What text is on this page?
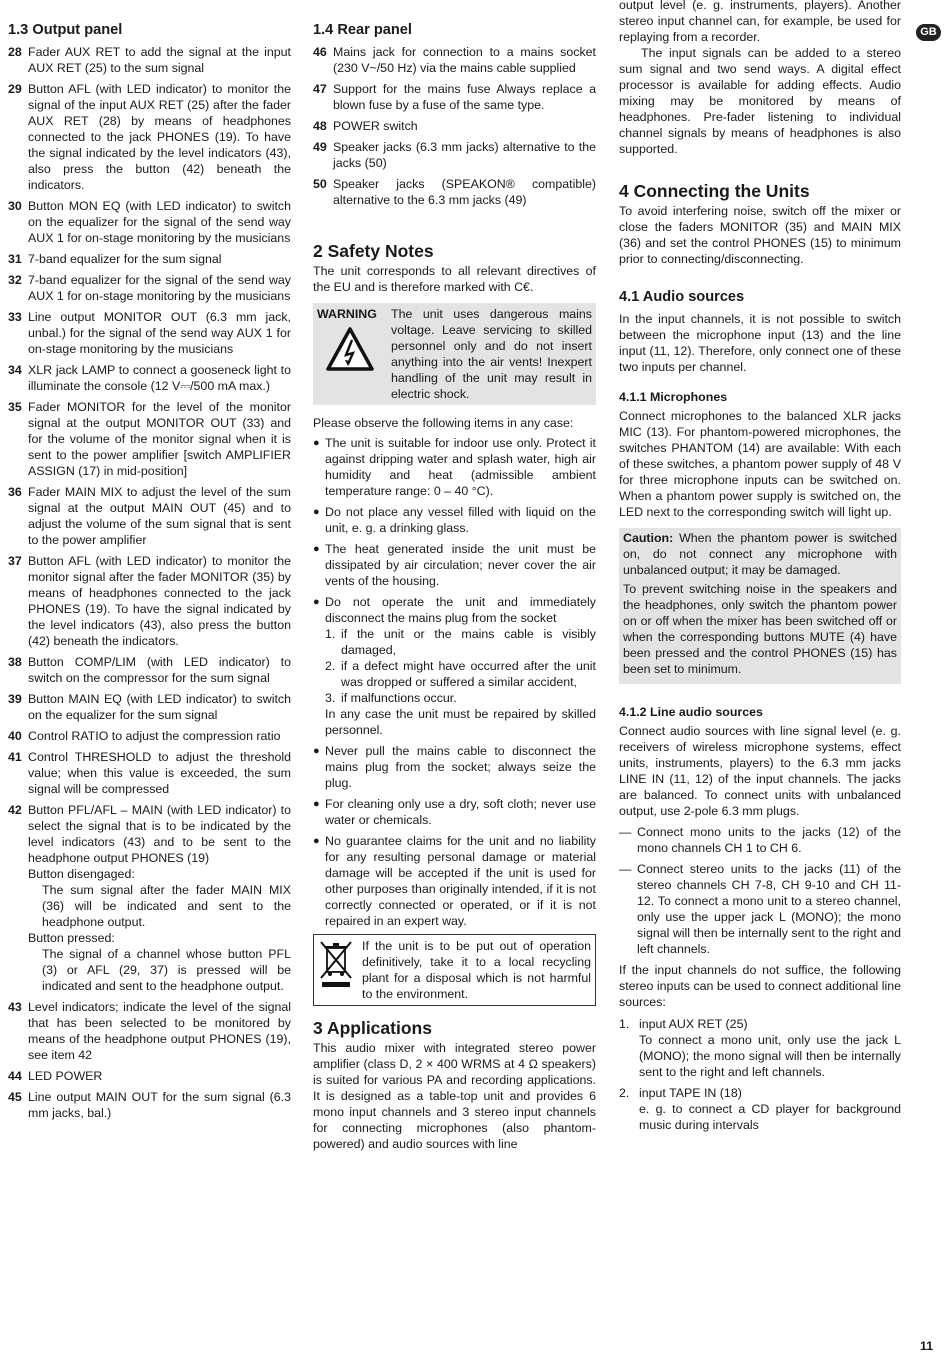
GB

1.3 Output panel

28 Fader AUX RET to add the signal at the input AUX RET (25) to the sum signal

29 Button AFL (with LED indicator) to monitor the signal of the input AUX RET (25) after the fader AUX RET (28) by means of headphones connected to the jack PHONES (19). To have the signal indicated by the level indicators (43), also press the button (42) beneath the indicators.

30 Button MON EQ (with LED indicator) to switch on the equalizer for the signal of the send way AUX 1 for on-stage monitoring by the musicians

31 7-band equalizer for the sum signal

32 7-band equalizer for the signal of the send way AUX 1 for on-stage monitoring by the musicians

33 Line output MONITOR OUT (6.3 mm jack, unbal.) for the signal of the send way AUX 1 for on-stage monitoring by the musicians

34 XLR jack LAMP to connect a gooseneck light to illuminate the console (12 V⎓/500 mA max.)

35 Fader MONITOR for the level of the monitor signal at the output MONITOR OUT (33) and for the volume of the monitor signal when it is sent to the power amplifier [switch AMPLIFIER ASSIGN (17) in mid-position]

36 Fader MAIN MIX to adjust the level of the sum signal at the output MAIN OUT (45) and to adjust the volume of the sum signal that is sent to the power amplifier

37 Button AFL (with LED indicator) to monitor the monitor signal after the fader MONITOR (35) by means of headphones connected to the jack PHONES (19). To have the signal indicated by the level indicators (43), also press the button (42) beneath the indicators.

38 Button COMP/LIM (with LED indicator) to switch on the compressor for the sum signal

39 Button MAIN EQ (with LED indicator) to switch on the equalizer for the sum signal

40 Control RATIO to adjust the compression ratio

41 Control THRESHOLD to adjust the threshold value; when this value is exceeded, the sum signal will be compressed

42 Button PFL/AFL – MAIN (with LED indicator) to select the signal that is to be indicated by the level indicators (43) and to be sent to the headphone output PHONES (19)

Button disengaged:

The sum signal after the fader MAIN MIX (36) will be indicated and sent to the headphone output.

Button pressed:

The signal of a channel whose button PFL (3) or AFL (29, 37) is pressed will be indicated and sent to the headphone output.

43 Level indicators; indicate the level of the signal that has been selected to be monitored by means of the headphone output PHONES (19), see item 42

44 LED POWER

45 Line output MAIN OUT for the sum signal (6.3 mm jacks, bal.)

1.4 Rear panel

46 Mains jack for connection to a mains socket (230 V~/50 Hz) via the mains cable supplied

47 Support for the mains fuse Always replace a blown fuse by a fuse of the same type.

48 POWER switch

49 Speaker jacks (6.3 mm jacks) alternative to the jacks (50)

50 Speaker jacks (SPEAKON® compatible) alternative to the 6.3 mm jacks (49)

2 Safety Notes

The unit corresponds to all relevant directives of the EU and is therefore marked with C€.

WARNING	The unit uses dangerous mains voltage. Leave servicing to skilled personnel only and do not insert anything into the air vents! Inexpert handling of the unit may result in electric shock.

Please observe the following items in any case:

● The unit is suitable for indoor use only. Protect it against dripping water and splash water, high air humidity and heat (admissible ambient temperature range: 0 – 40 °C).

● Do not place any vessel filled with liquid on the unit, e. g. a drinking glass.

● The heat generated inside the unit must be dissipated by air circulation; never cover the air vents of the housing.

● Do not operate the unit and immediately disconnect the mains plug from the socket

1. if the unit or the mains cable is visibly damaged,
2. if a defect might have occurred after the unit was dropped or suffered a similar accident,
3. if malfunctions occur.

In any case the unit must be repaired by skilled personnel.

● Never pull the mains cable to disconnect the mains plug from the socket; always seize the plug.

● For cleaning only use a dry, soft cloth; never use water or chemicals.

● No guarantee claims for the unit and no liability for any resulting personal damage or material damage will be accepted if the unit is used for other purposes than originally intended, if it is not correctly connected or operated, or if it is not repaired in an expert way.

If the unit is to be put out of operation definitively, take it to a local recycling plant for a disposal which is not harmful to the environment.

3 Applications

This audio mixer with integrated stereo power amplifier (class D, 2 × 400 WRMS at 4 Ω speakers) is suited for various PA and recording applications. It is designed as a table-top unit and provides 6 mono input channels and 3 stereo input channels for connecting microphones (also phantom-powered) and audio sources with line

output level (e. g. instruments, players). Another stereo input channel can, for example, be used for replaying from a recorder.

The input signals can be added to a stereo sum signal and two send ways. A digital effect processor is available for adding effects. Audio mixing may be monitored by means of headphones. Pre-fader listening to individual channel signals by means of headphones is also supported.

4 Connecting the Units

To avoid interfering noise, switch off the mixer or close the faders MONITOR (35) and MAIN MIX (36) and set the control PHONES (15) to minimum prior to connecting/disconnecting.

4.1 Audio sources

In the input channels, it is not possible to switch between the microphone input (13) and the line input (11, 12). Therefore, only connect one of these two inputs per channel.

4.1.1 Microphones

Connect microphones to the balanced XLR jacks MIC (13). For phantom-powered microphones, the switches PHANTOM (14) are available: With each of these switches, a phantom power supply of 48 V for three microphone inputs can be switched on. When a phantom power supply is switched on, the LED next to the corresponding switch will light up.

Caution: When the phantom power is switched on, do not connect any microphone with unbalanced output; it may be damaged.

To prevent switching noise in the speakers and the headphones, only switch the phantom power on or off when the mixer has been switched off or when the corresponding buttons MUTE (4) have been pressed and the control PHONES (15) has been set to minimum.

4.1.2 Line audio sources

Connect audio sources with line signal level (e. g. receivers of wireless microphone systems, effect units, instruments, players) to the 6.3 mm jacks LINE IN (11, 12) of the input channels. The jacks are balanced. To connect units with unbalanced output, use 2-pole 6.3 mm plugs.

— Connect mono units to the jacks (12) of the mono channels CH 1 to CH 6.

— Connect stereo units to the jacks (11) of the stereo channels CH 7-8, CH 9-10 and CH 11-12. To connect a mono unit to a stereo channel, only use the upper jack L (MONO); the mono signal will then be internally sent to the right and left channels.

If the input channels do not suffice, the following stereo inputs can be used to connect additional line sources:

1. input AUX RET (25)

To connect a mono unit, only use the jack L (MONO); the mono signal will then be internally sent to the right and left channels.

2. input TAPE IN (18)

e. g. to connect a CD player for background music during intervals

11
